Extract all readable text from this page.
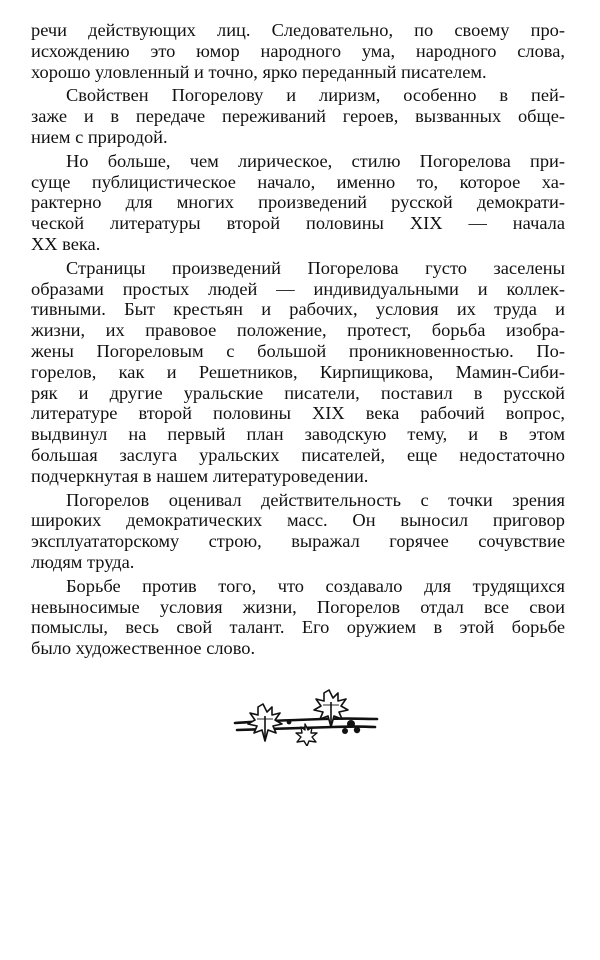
речи действующих лиц. Следовательно, по своему про-
исхождению это юмор народного ума, народного слова,
хорошо уловленный и точно, ярко переданный писателем.
Свойствен Погорелову и лиризм, особенно в пей-
заже и в передаче переживаний героев, вызванных обще-
нием с природой.
Но больше, чем лирическое, стилю Погорелова при-
суще публицистическое начало, именно то, которое ха-
рактерно для многих произведений русской демократи-
ческой литературы второй половины XIX — начала
XX века.
Страницы произведений Погорелова густо заселены
образами простых людей — индивидуальными и коллек-
тивными. Быт крестьян и рабочих, условия их труда и
жизни, их правовое положение, протест, борьба изобра-
жены Погореловым с большой проникновенностью. По-
горелов, как и Решетников, Кирпищикова, Мамин-Сиби-
ряк и другие уральские писатели, поставил в русской
литературе второй половины XIX века рабочий вопрос,
выдвинул на первый план заводскую тему, и в этом
большая заслуга уральских писателей, еще недостаточно
подчеркнутая в нашем литературоведении.
Погорелов оценивал действительность с точки зрения
широких демократических масс. Он выносил приговор
эксплуататорскому строю, выражал горячее сочувствие
людям труда.
Борьбе против того, что создавало для трудящихся
невыносимые условия жизни, Погорелов отдал все свои
помыслы, весь свой талант. Его оружием в этой борьбе
было художественное слово.
